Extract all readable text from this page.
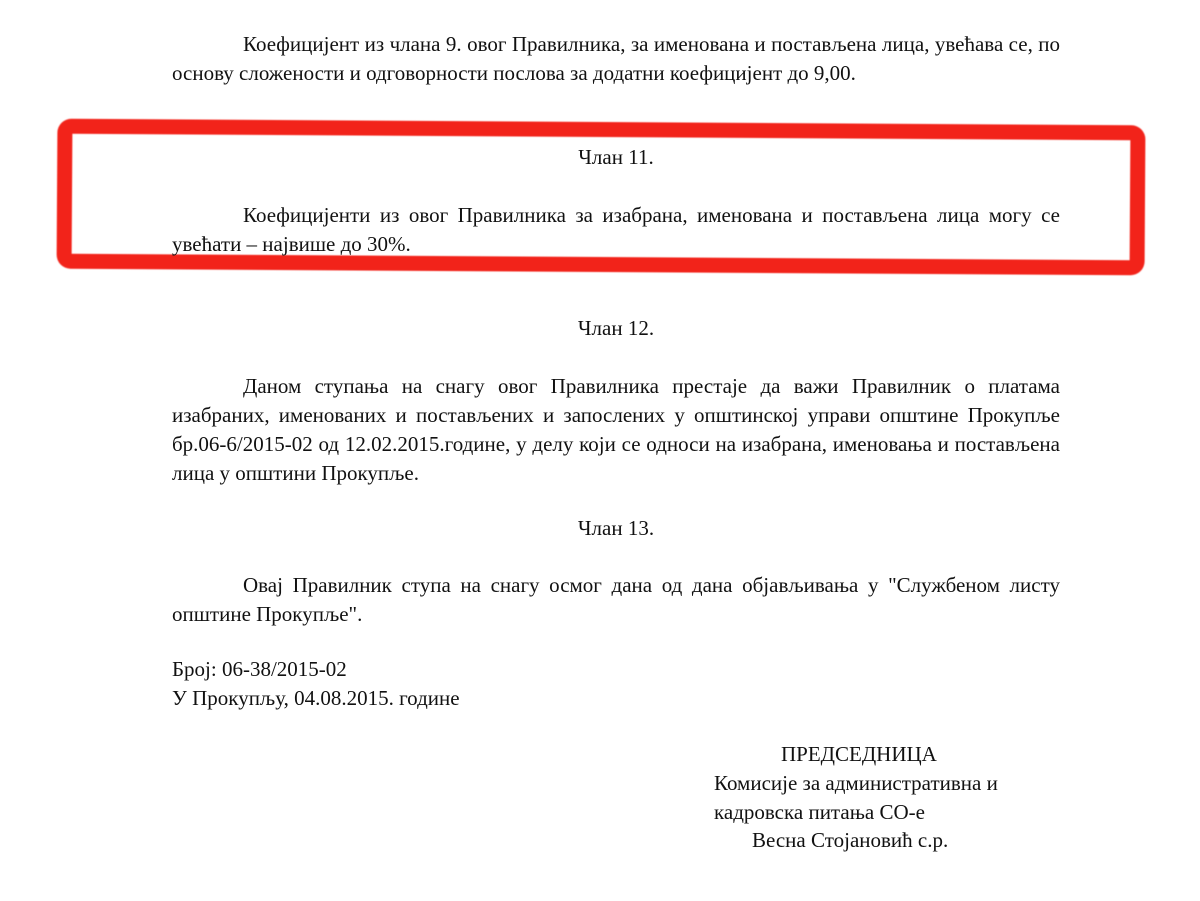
Коефицијент из члана 9. овог Правилника, за именована и постављена лица, увећава се, по основу сложености и одговорности послова за додатни коефицијент до 9,00.

Члан 11.

Коефицијенти из овог Правилника за изабрана, именована и постављена лица могу се увећати – највише до 30%.

Члан 12.

Даном ступања на снагу овог Правилника престаје да важи Правилник о платама изабраних, именованих и постављених и запослених у општинској управи општине Прокупље бр.06-6/2015-02 од 12.02.2015.године, у делу који се односи на изабрана, именовања и постављена лица у општини Прокупље.

Члан 13.

Овај Правилник ступа на снагу осмог дана од дана објављивања у "Службеном листу општине Прокупље".

Број: 06-38/2015-02

У Прокупљу, 04.08.2015. године

ПРЕДСЕДНИЦА

Комисије за административна и

кадровска питања СО-е

Весна Стојановић с.р.
